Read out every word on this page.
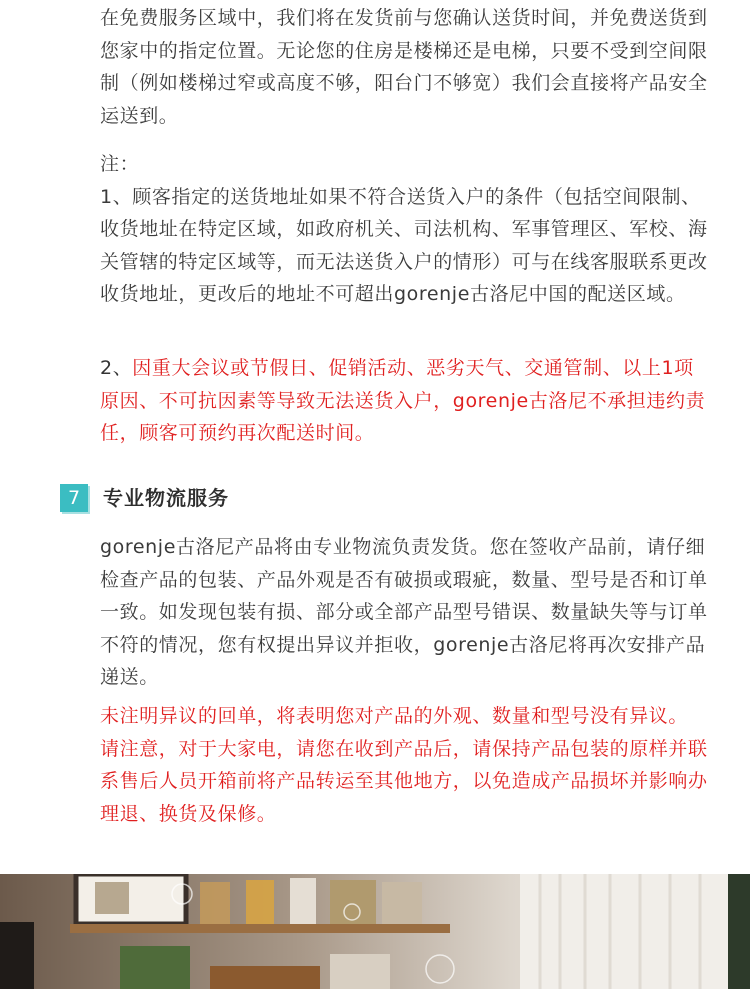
在免费服务区域中，我们将在发货前与您确认送货时间，并免费送货到您家中的指定位置。无论您的住房是楼梯还是电梯，只要不受到空间限制（例如楼梯过窄或高度不够，阳台门不够宽）我们会直接将产品安全运送到。

注：

1、顾客指定的送货地址如果不符合送货入户的条件（包括空间限制、收货地址在特定区域，如政府机关、司法机构、军事管理区、军校、海关管辖的特定区域等，而无法送货入户的情形）可与在线客服联系更改收货地址，更改后的地址不可超出gorenje古洛尼中国的配送区域。

2、因重大会议或节假日、促销活动、恶劣天气、交通管制、以上1项原因、不可抗因素等导致无法送货入户，gorenje古洛尼不承担违约责任，顾客可预约再次配送时间。

7	专业物流服务

gorenje古洛尼产品将由专业物流负责发货。您在签收产品前，请仔细检查产品的包装、产品外观是否有破损或瑕疵，数量、型号是否和订单一致。如发现包装有损、部分或全部产品型号错误、数量缺失等与订单不符的情况，您有权提出异议并拒收，gorenje古洛尼将再次安排产品递送。

未注明异议的回单，将表明您对产品的外观、数量和型号没有异议。

请注意，对于大家电，请您在收到产品后，请保持产品包装的原样并联系售后人员开箱前将产品转运至其他地方，以免造成产品损坏并影响办理退、换货及保修。
